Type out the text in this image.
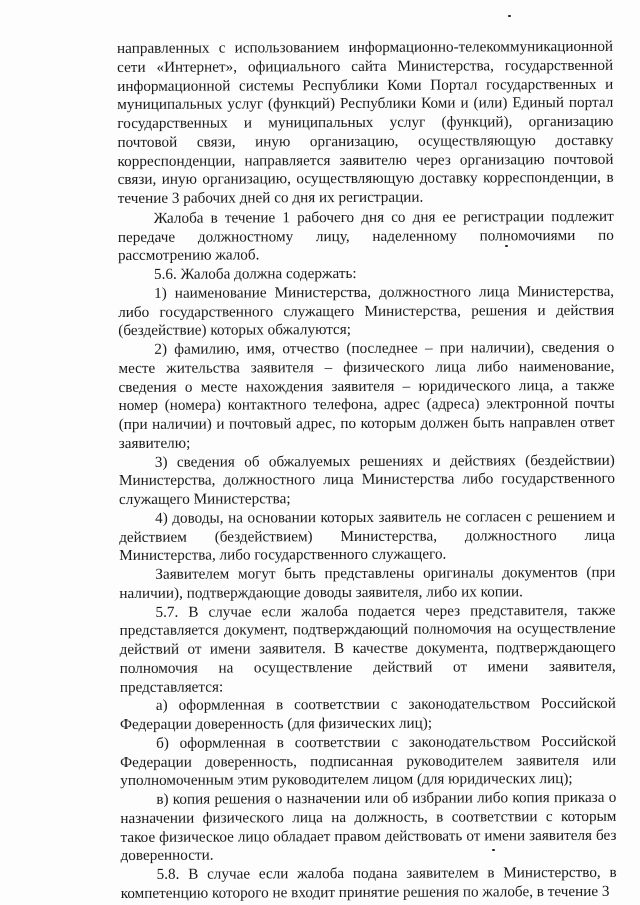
направленных с использованием информационно-телекоммуникационной сети «Интернет», официального сайта Министерства, государственной информационной системы Республики Коми Портал государственных и муниципальных услуг (функций) Республики Коми и (или) Единый портал государственных и муниципальных услуг (функций), организацию почтовой связи, иную организацию, осуществляющую доставку корреспонденции, направляется заявителю через организацию почтовой связи, иную организацию, осуществляющую доставку корреспонденции, в течение 3 рабочих дней со дня их регистрации.

Жалоба в течение 1 рабочего дня со дня ее регистрации подлежит передаче должностному лицу, наделенному полномочиями по рассмотрению жалоб.

5.6. Жалоба должна содержать:

1) наименование Министерства, должностного лица Министерства, либо государственного служащего Министерства, решения и действия (бездействие) которых обжалуются;

2) фамилию, имя, отчество (последнее – при наличии), сведения о месте жительства заявителя – физического лица либо наименование, сведения о месте нахождения заявителя – юридического лица, а также номер (номера) контактного телефона, адрес (адреса) электронной почты (при наличии) и почтовый адрес, по которым должен быть направлен ответ заявителю;

3) сведения об обжалуемых решениях и действиях (бездействии) Министерства, должностного лица Министерства либо государственного служащего Министерства;

4) доводы, на основании которых заявитель не согласен с решением и действием (бездействием) Министерства, должностного лица Министерства, либо государственного служащего.

Заявителем могут быть представлены оригиналы документов (при наличии), подтверждающие доводы заявителя, либо их копии.

5.7. В случае если жалоба подается через представителя, также представляется документ, подтверждающий полномочия на осуществление действий от имени заявителя. В качестве документа, подтверждающего полномочия на осуществление действий от имени заявителя, представляется:

а) оформленная в соответствии с законодательством Российской Федерации доверенность (для физических лиц);

б) оформленная в соответствии с законодательством Российской Федерации доверенность, подписанная руководителем заявителя или уполномоченным этим руководителем лицом (для юридических лиц);

в) копия решения о назначении или об избрании либо копия приказа о назначении физического лица на должность, в соответствии с которым такое физическое лицо обладает правом действовать от имени заявителя без доверенности.

5.8. В случае если жалоба подана заявителем в Министерство, в компетенцию которого не входит принятие решения по жалобе, в течение 3
